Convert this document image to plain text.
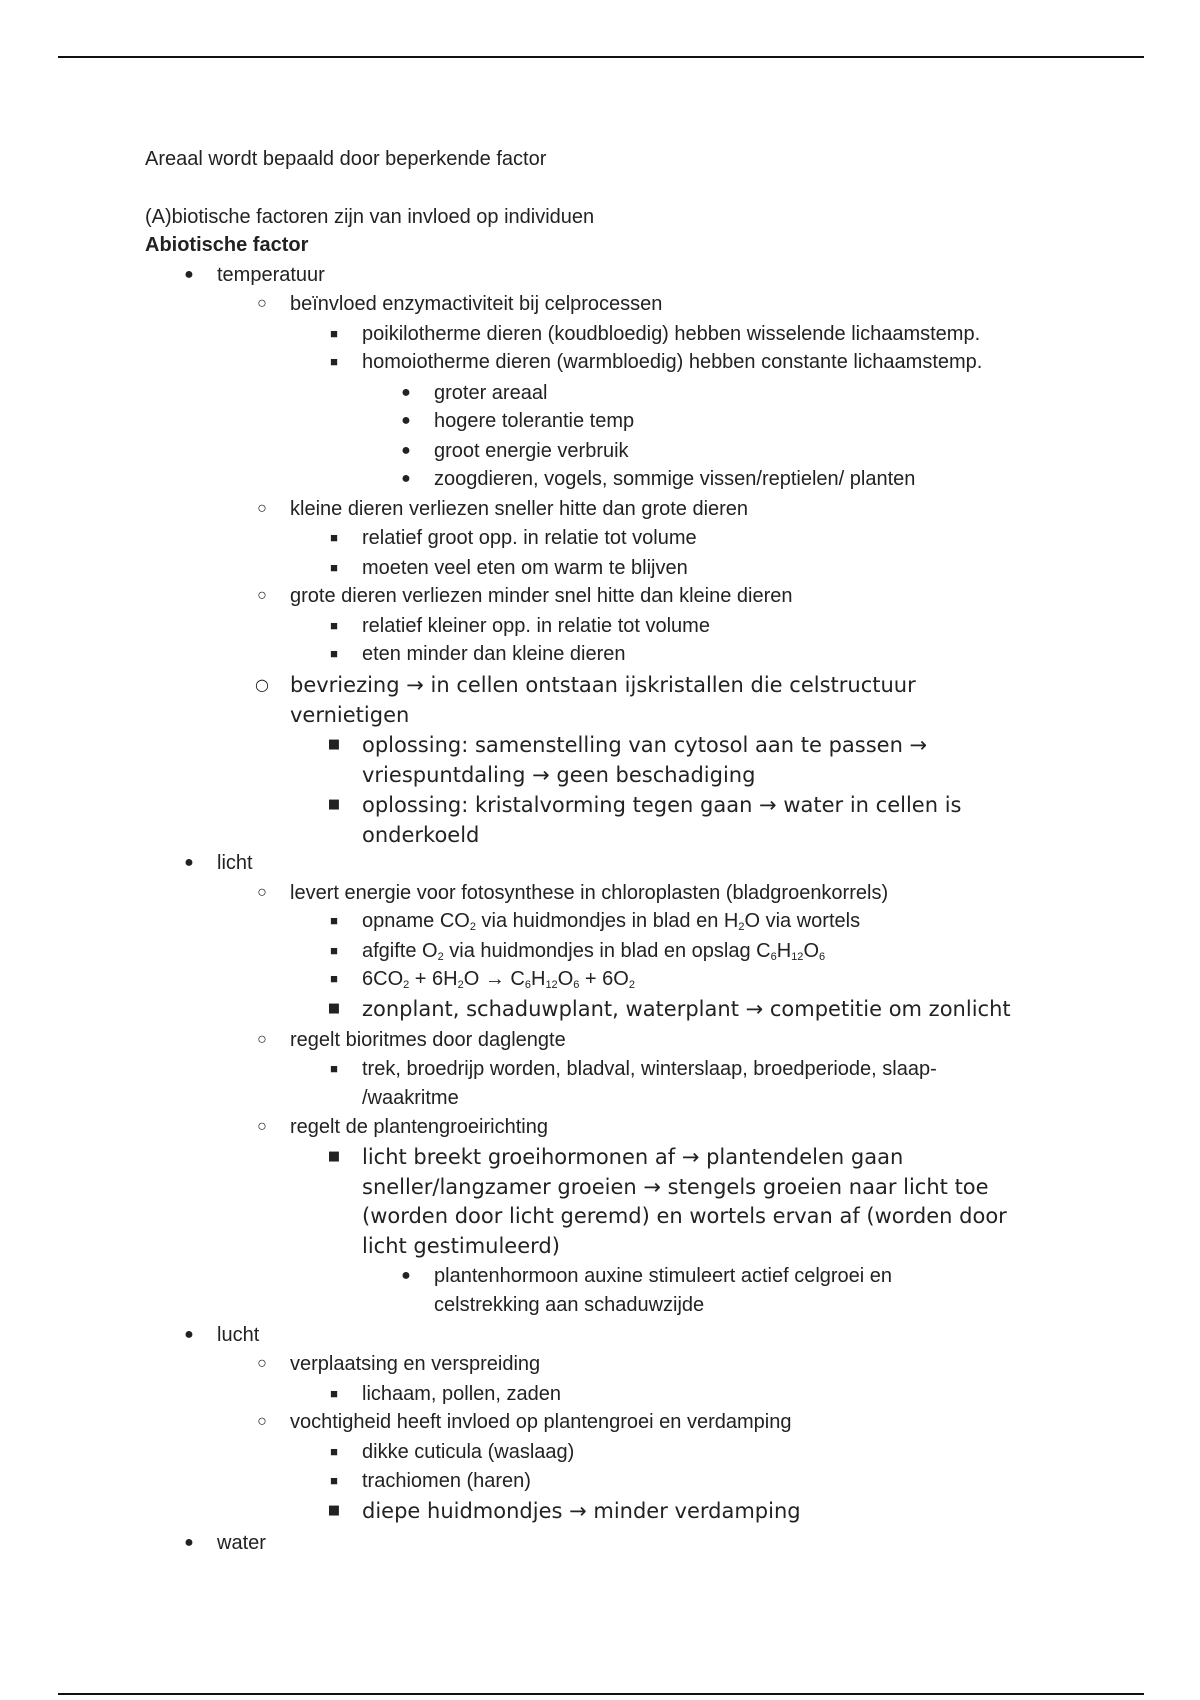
Areaal wordt bepaald door beperkende factor
(A)biotische factoren zijn van invloed op individuen
Abiotische factor
● temperatuur
○ beïnvloed enzymactiviteit bij celprocessen
■ poikilotherme dieren (koudbloedig) hebben wisselende lichaamstemp.
■ homoiotherme dieren (warmbloedig) hebben constante lichaamstemp.
● groter areaal
● hogere tolerantie temp
● groot energie verbruik
● zoogdieren, vogels, sommige vissen/reptielen/ planten
○ kleine dieren verliezen sneller hitte dan grote dieren
■ relatief groot opp. in relatie tot volume
■ moeten veel eten om warm te blijven
○ grote dieren verliezen minder snel hitte dan kleine dieren
■ relatief kleiner opp. in relatie tot volume
■ eten minder dan kleine dieren
○ bevriezing → in cellen ontstaan ijskristallen die celstructuur
vernietigen
■ oplossing: samenstelling van cytosol aan te passen →
vriespuntdaling → geen beschadiging
■ oplossing: kristalvorming tegen gaan → water in cellen is
onderkoeld
● licht
○ levert energie voor fotosynthese in chloroplasten (bladgroenkorrels)
■ opname $CO_2$ via huidmondjes in blad en $H_2O$ via wortels
■ afgifte $O_2$ via huidmondjes in blad en opslag $C_6H_{12}O_6$
■ $6CO_2 + 6H_2O \to C_6H_{12}O_6 + 6O_2$
■ zonplant, schaduwplant, waterplant → competitie om zonlicht
○ regelt bioritmes door daglengte
■ trek, broedrijp worden, bladval, winterslaap, broedperiode, slaap-
/waakritme
○ regelt de plantengroeirichting
■ licht breekt groeihormonen af → plantendelen gaan
sneller/langzamer groeien → stengels groeien naar licht toe
(worden door licht geremd) en wortels ervan af (worden door
licht gestimuleerd)
● plantenhormoon auxine stimuleert actief celgroei en
celstrekking aan schaduwzijde
● lucht
○ verplaatsing en verspreiding
■ lichaam, pollen, zaden
○ vochtigheid heeft invloed op plantengroei en verdamping
■ dikke cuticula (waslaag)
■ trachiomen (haren)
■ diepe huidmondjes → minder verdamping
● water
